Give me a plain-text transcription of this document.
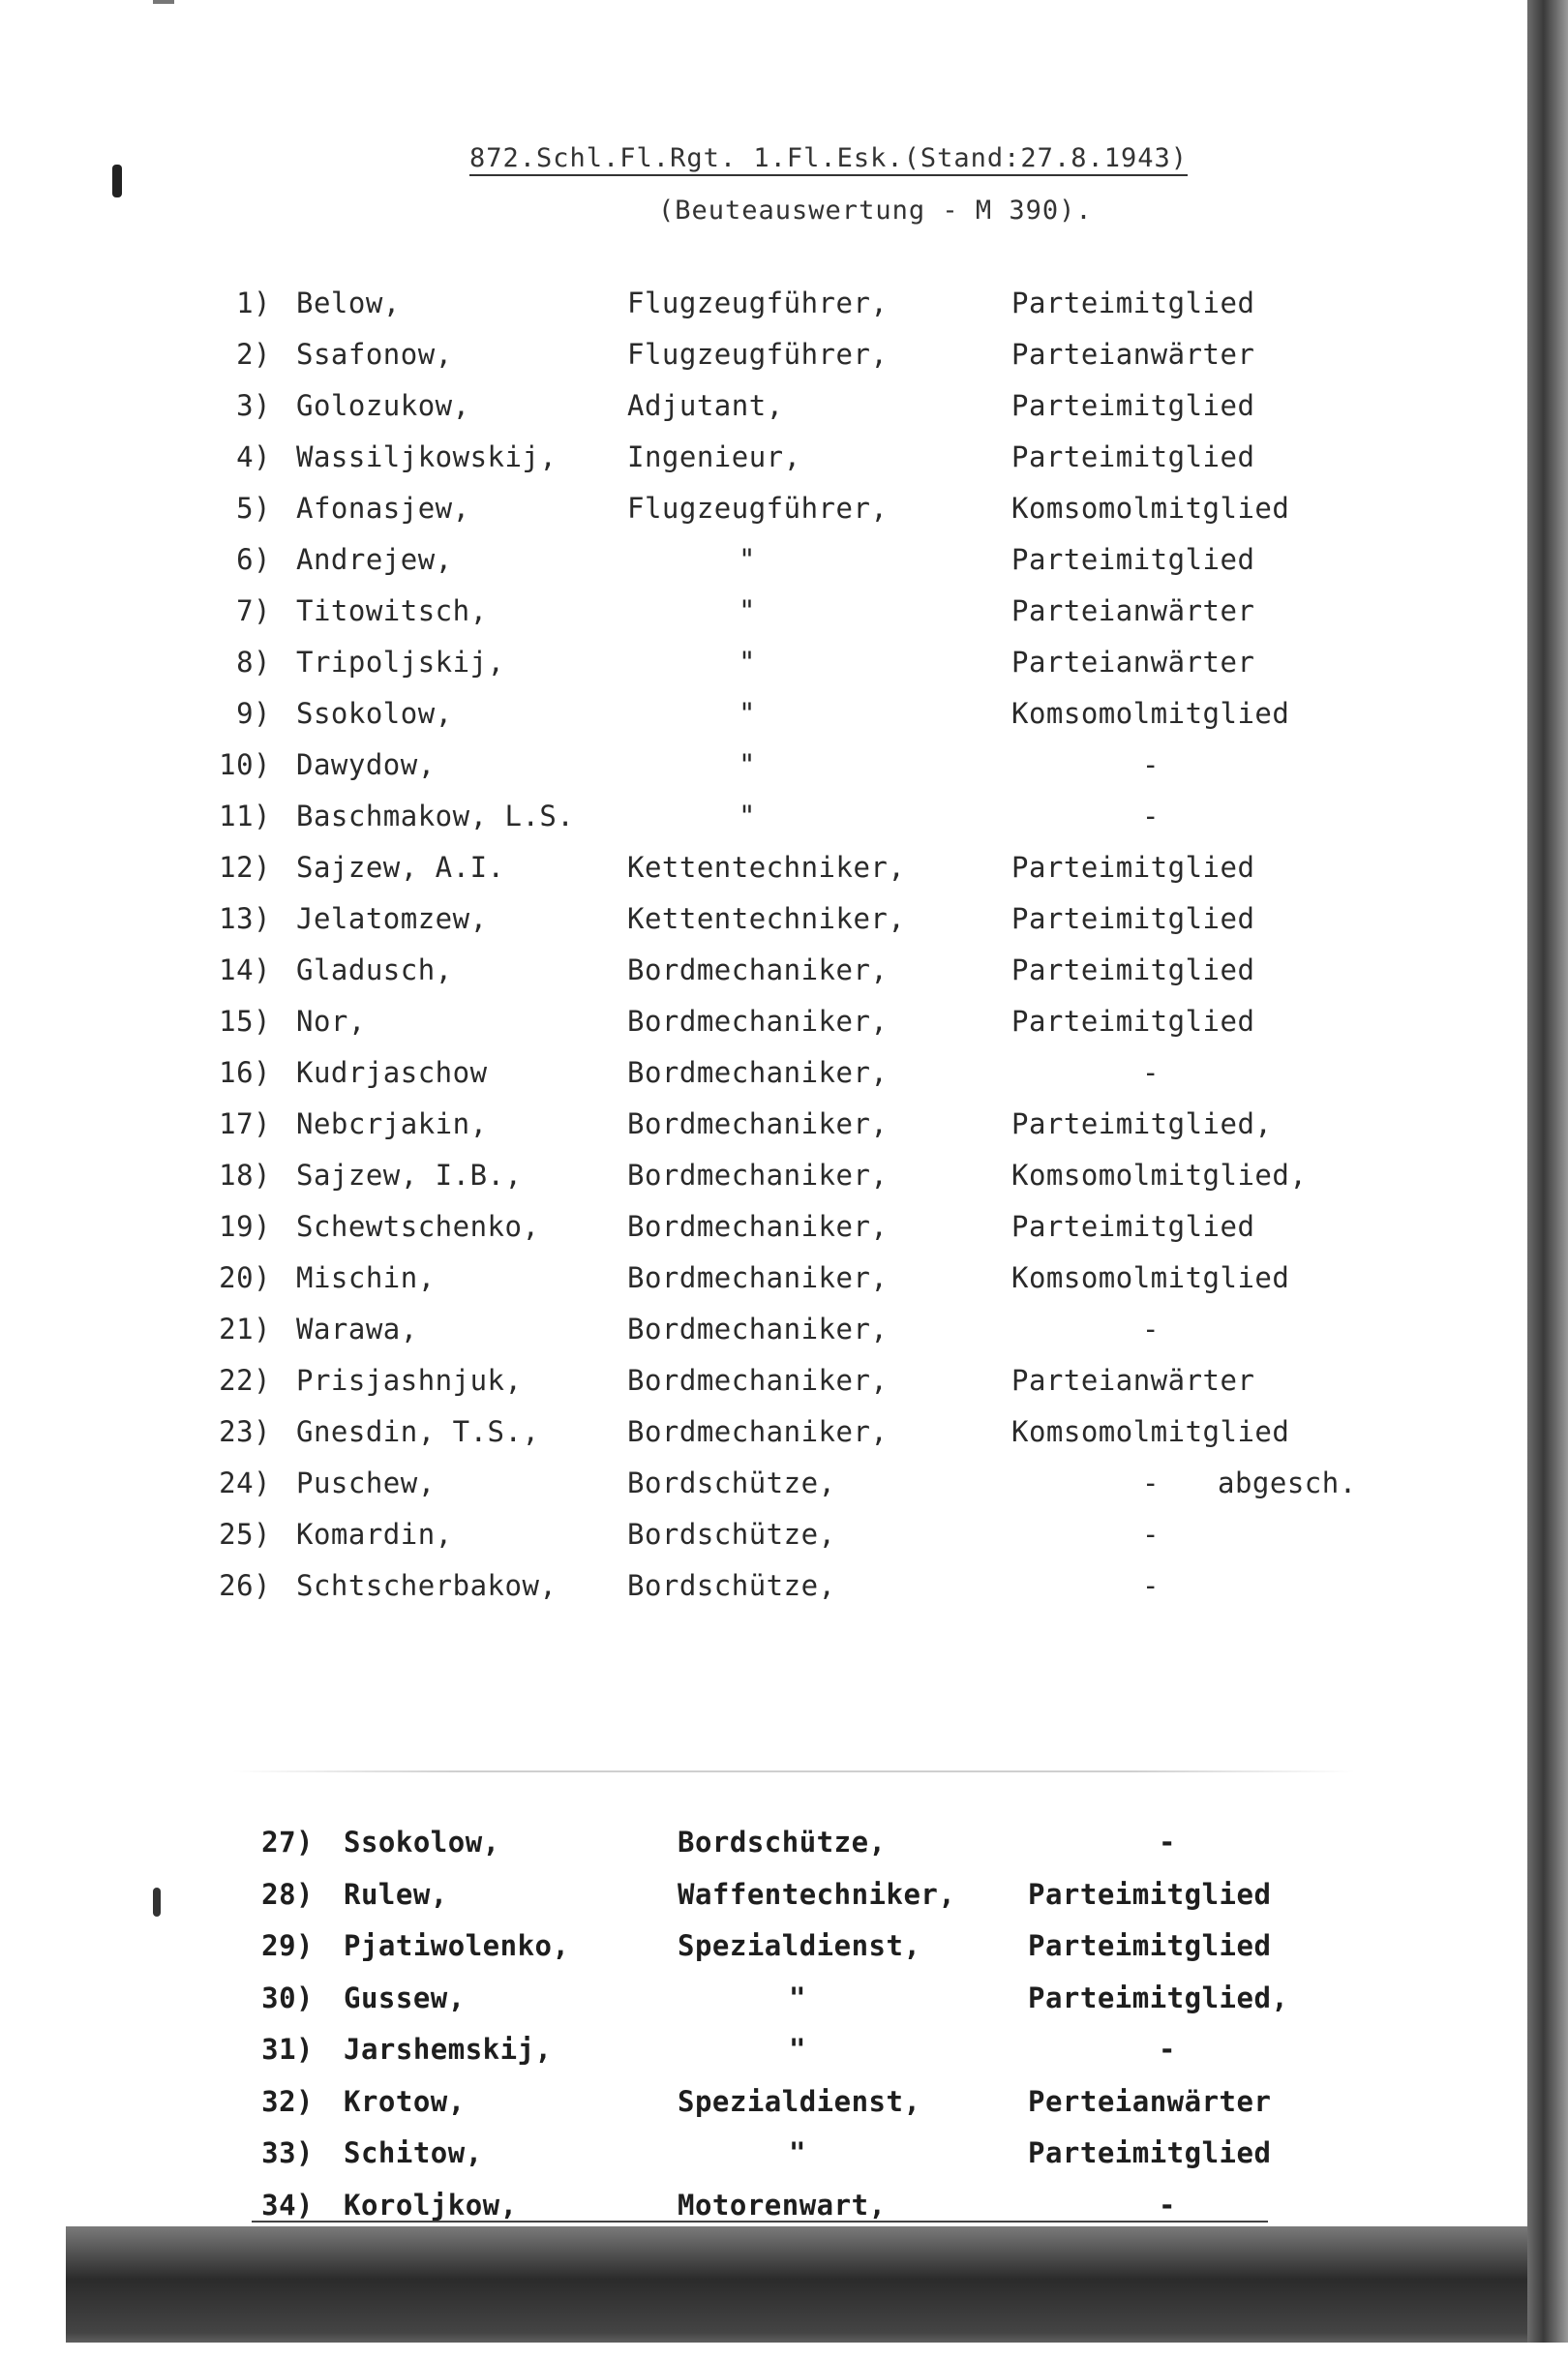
872.Schl.Fl.Rgt. 1.Fl.Esk.(Stand:27.8.1943)
(Beuteauswertung - M 390).
1) Below,	Flugzeugführer,	Parteimitglied
2) Ssafonow,	Flugzeugführer,	Parteianwärter
3) Golozukow,	Adjutant,	Parteimitglied
4) Wassiljkowskij,	Ingenieur,	Parteimitglied
5) Afonasjew,	Flugzeugführer,	Komsomolmitglied
6) Andrejew,	"	Parteimitglied
7) Titowitsch,	"	Parteianwärter
8) Tripoljskij,	"	Parteianwärter
9) Ssokolow,	"	Komsomolmitglied
10) Dawydow,	"	-
11) Baschmakow, L.S.	"	-
12) Sajzew, A.I.	Kettentechniker,	Parteimitglied
13) Jelatomzew,	Kettentechniker,	Parteimitglied
14) Gladusch,	Bordmechaniker,	Parteimitglied
15) Nor,	Bordmechaniker,	Parteimitglied
16) Kudrjaschow	Bordmechaniker,	-
17) Nebcrjakin,	Bordmechaniker,	Parteimitglied,
18) Sajzew, I.B.,	Bordmechaniker,	Komsomolmitglied,
19) Schewtschenko,	Bordmechaniker,	Parteimitglied
20) Mischin,	Bordmechaniker,	Komsomolmitglied
21) Warawa,	Bordmechaniker,	-
22) Prisjashnjuk,	Bordmechaniker,	Parteianwärter
23) Gnesdin, T.S.,	Bordmechaniker,	Komsomolmitglied
24) Puschew,	Bordschütze,	- abgesch.
25) Komardin,	Bordschütze,	-
26) Schtscherbakow,	Bordschütze,	-
27) Ssokolow,	Bordschütze,	-
28) Rulew,	Waffentechniker,	Parteimitglied
29) Pjatiwolenko,	Spezialdienst,	Parteimitglied
30) Gussew,	"	Parteimitglied,
31) Jarshemskij,	"	-
32) Krotow,	Spezialdienst,	Perteianwärter
33) Schitow,	"	Parteimitglied
34) Koroljkow,	Motorenwart,	-
